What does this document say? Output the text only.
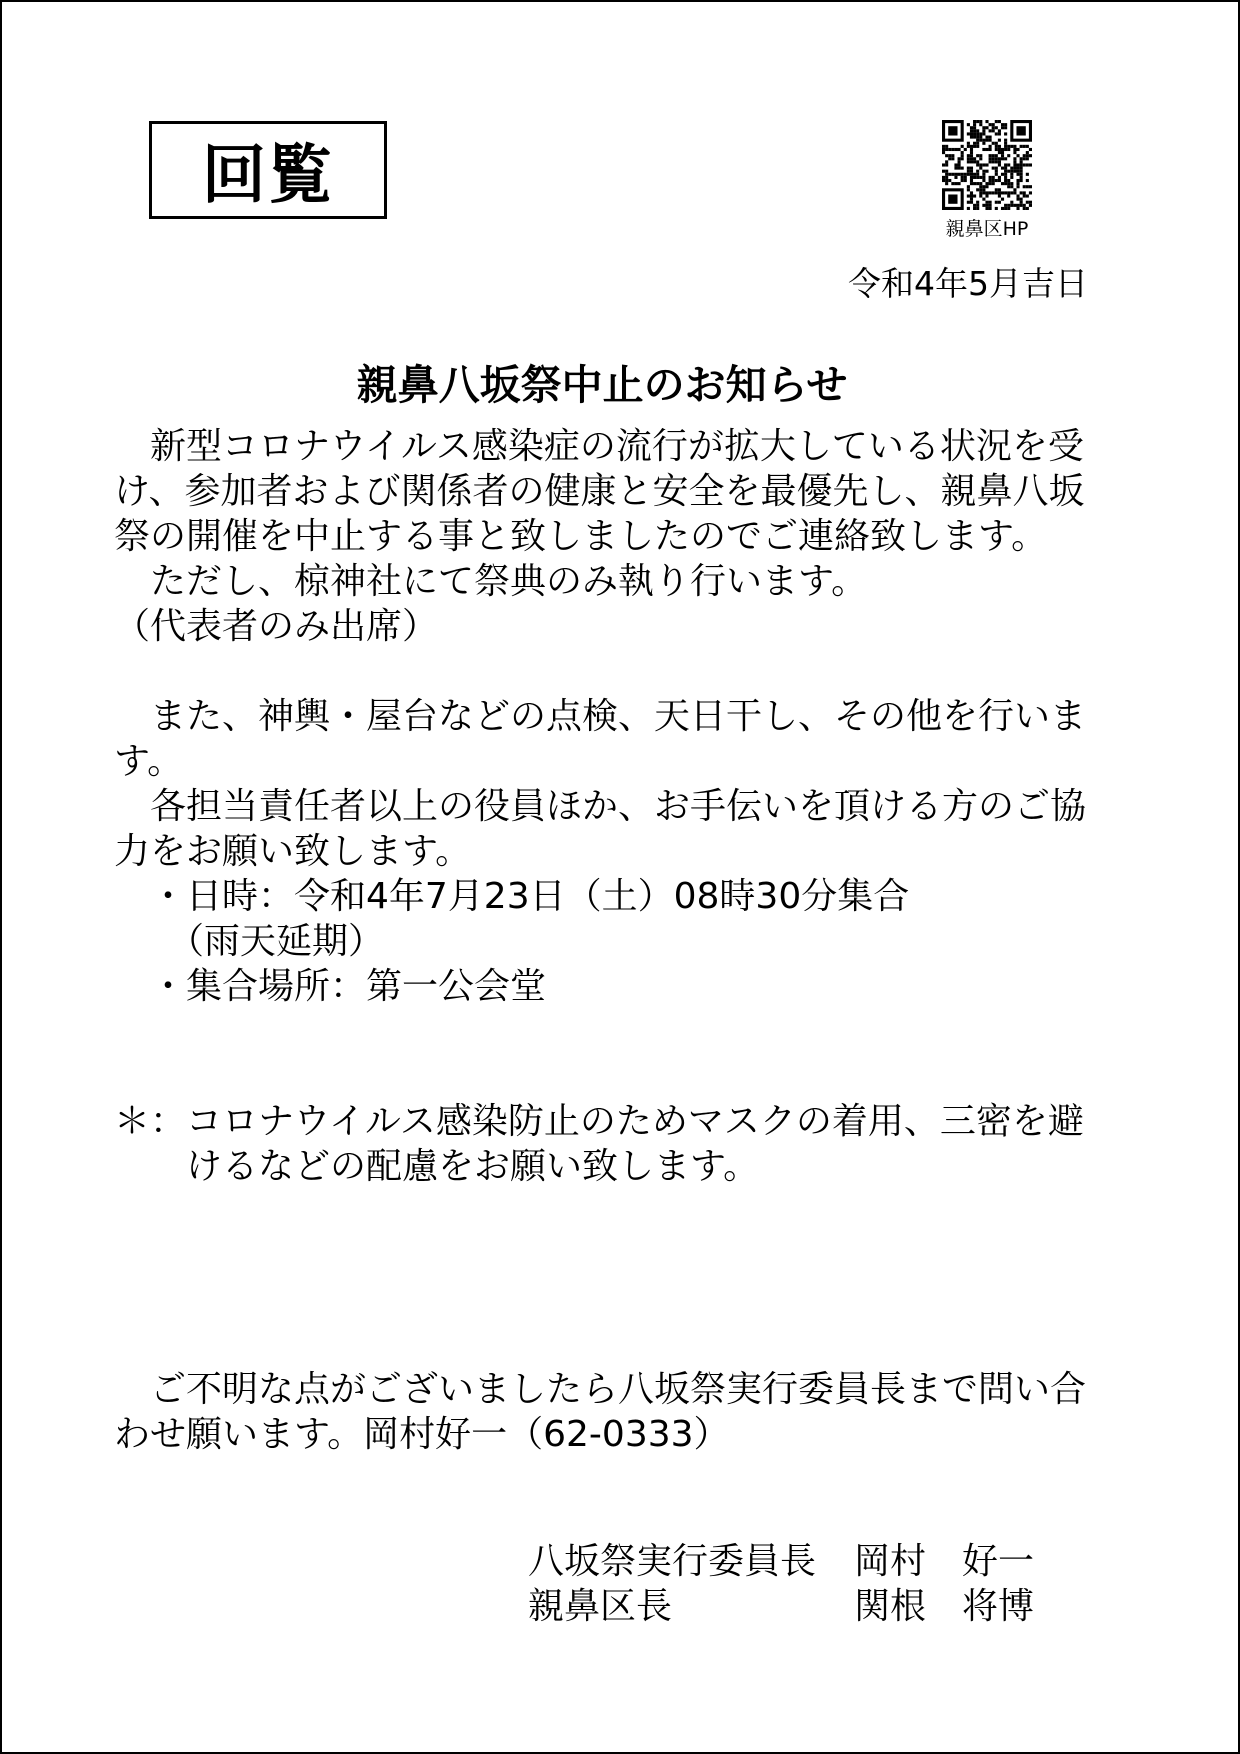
回覧
親鼻区HP
令和4年5月吉日
親鼻八坂祭中止のお知らせ

　新型コロナウイルス感染症の流行が拡大している状況を受け、参加者および関係者の健康と安全を最優先し、親鼻八坂祭の開催を中止する事と致しましたのでご連絡致します。

　ただし、椋神社にて祭典のみ執り行います。

（代表者のみ出席）

　また、神輿・屋台などの点検、天日干し、その他を行います。

　各担当責任者以上の役員ほか、お手伝いを頂ける方のご協力をお願い致します。

　・日時：令和4年7月23日（土）08時30分集合

　　（雨天延期）

　・集合場所：第一公会堂

＊： コロナウイルス感染防止のためマスクの着用、三密を避けるなどの配慮をお願い致します。

　ご不明な点がございましたら八坂祭実行委員長まで問い合わせ願います。岡村好一（62-0333）

八坂祭実行委員長	岡村　好一
親鼻区長	関根　将博
